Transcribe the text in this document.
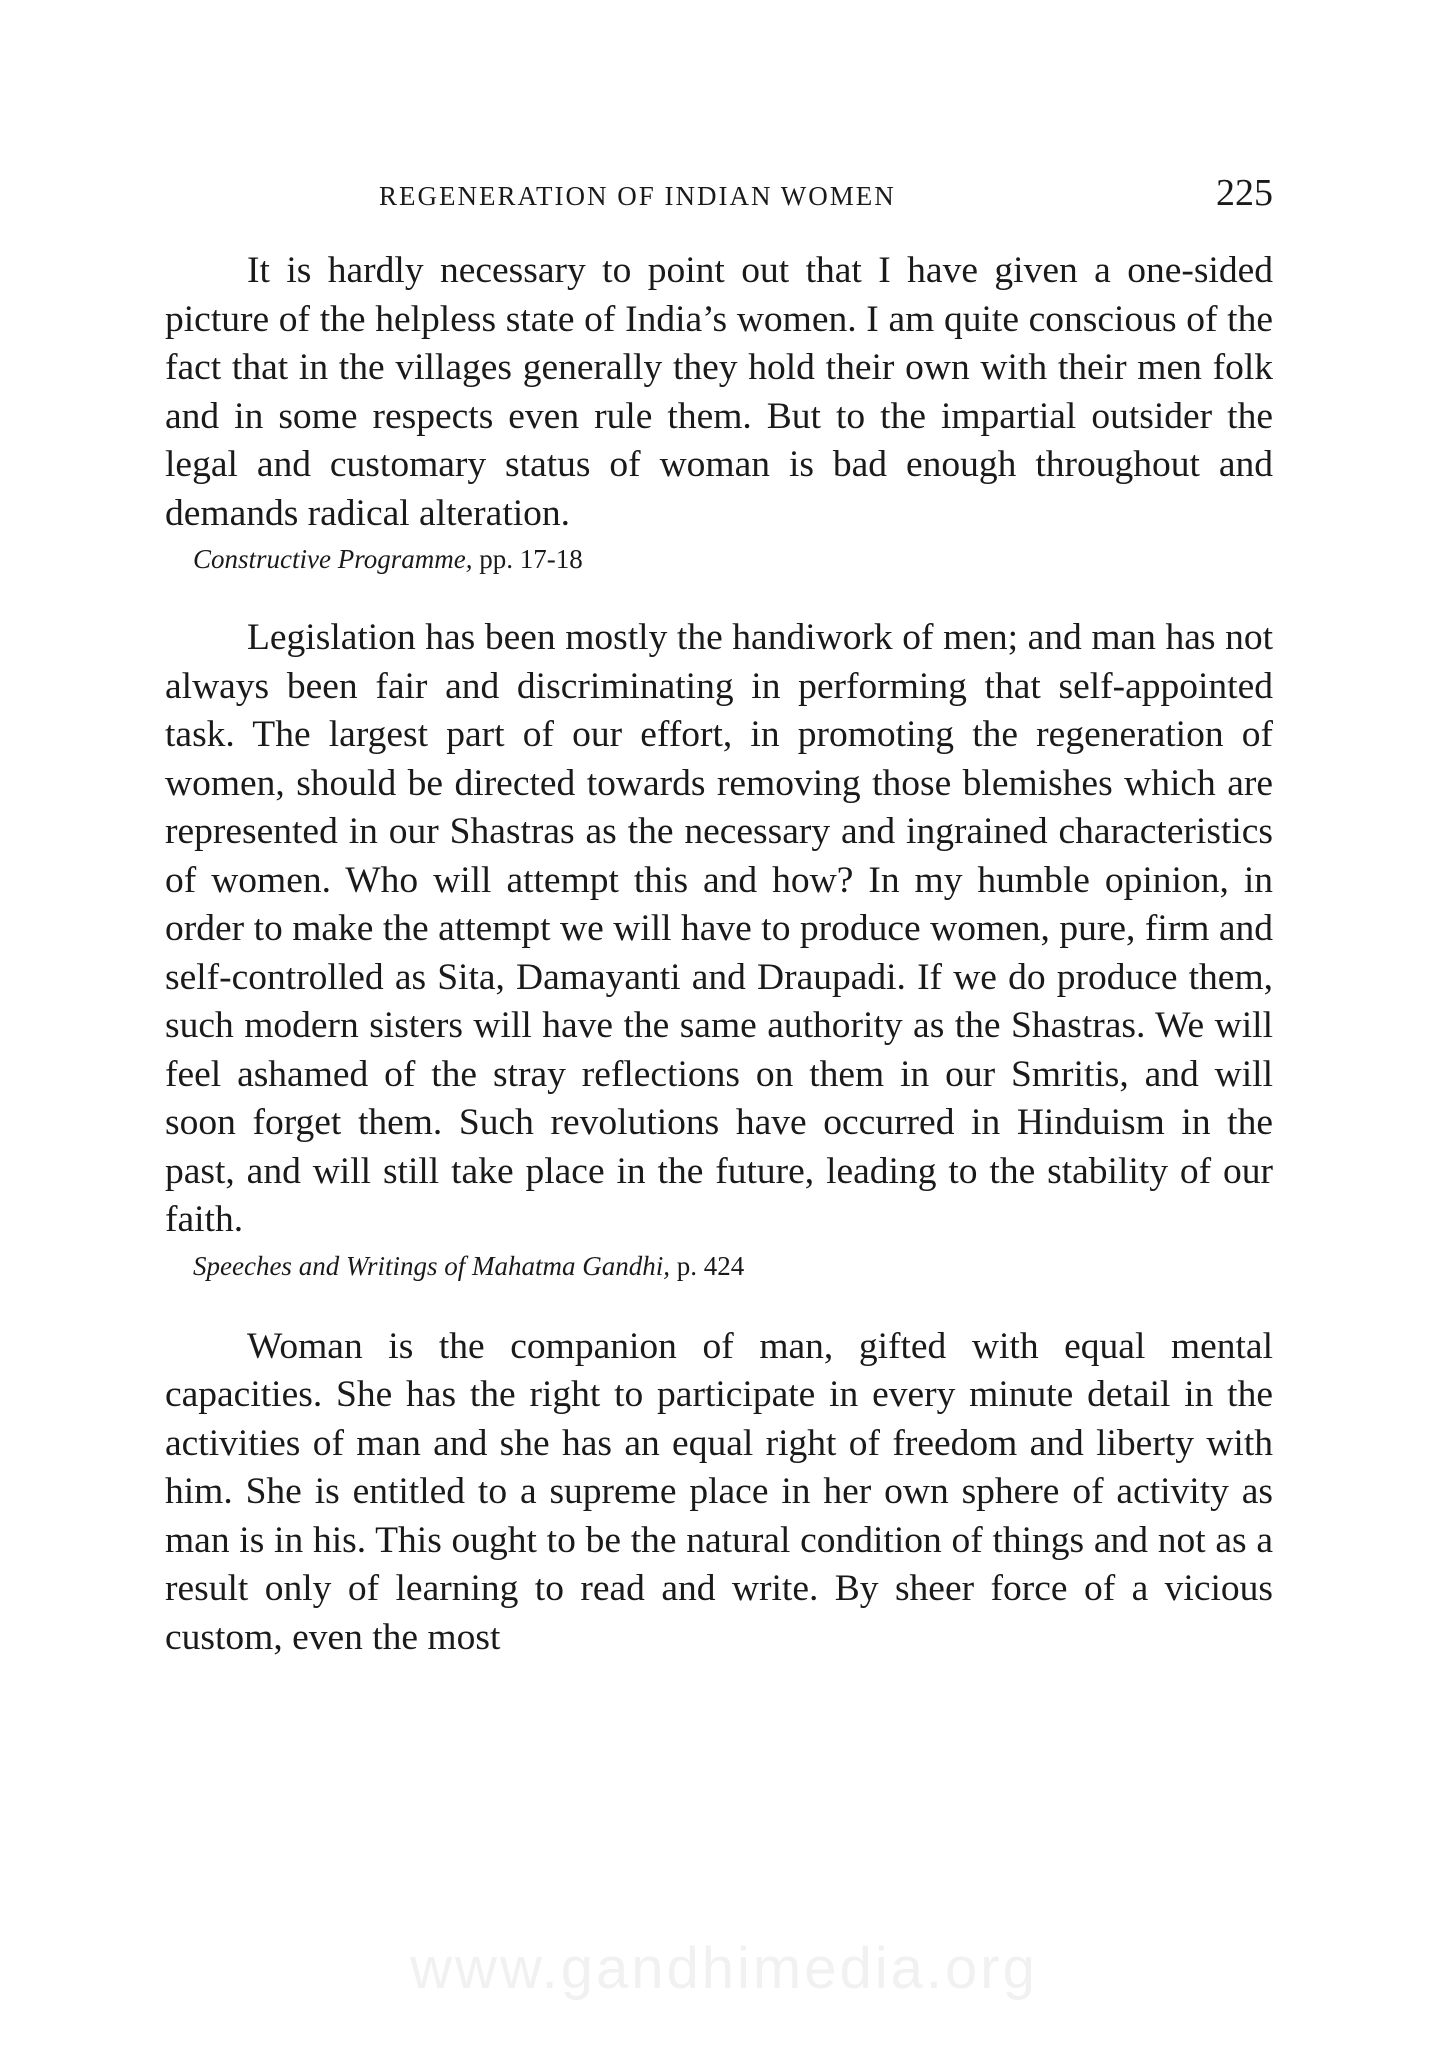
REGENERATION OF INDIAN WOMEN	225

It is hardly necessary to point out that I have given a one-sided picture of the helpless state of India’s women. I am quite conscious of the fact that in the villages generally they hold their own with their men folk and in some respects even rule them. But to the impartial outsider the legal and customary status of woman is bad enough throughout and demands radical alteration.

Constructive Programme, pp. 17-18

Legislation has been mostly the handiwork of men; and man has not always been fair and discriminating in performing that self-appointed task. The largest part of our effort, in promoting the regeneration of women, should be directed towards removing those blemishes which are represented in our Shastras as the necessary and ingrained characteristics of women. Who will attempt this and how? In my humble opinion, in order to make the attempt we will have to produce women, pure, firm and self-controlled as Sita, Damayanti and Draupadi. If we do produce them, such modern sisters will have the same authority as the Shastras. We will feel ashamed of the stray reflections on them in our Smritis, and will soon forget them. Such revolutions have occurred in Hinduism in the past, and will still take place in the future, leading to the stability of our faith.

Speeches and Writings of Mahatma Gandhi, p. 424

Woman is the companion of man, gifted with equal mental capacities. She has the right to participate in every minute detail in the activities of man and she has an equal right of freedom and liberty with him. She is entitled to a supreme place in her own sphere of activity as man is in his. This ought to be the natural condition of things and not as a result only of learning to read and write. By sheer force of a vicious custom, even the most

www.gandhimedia.org
